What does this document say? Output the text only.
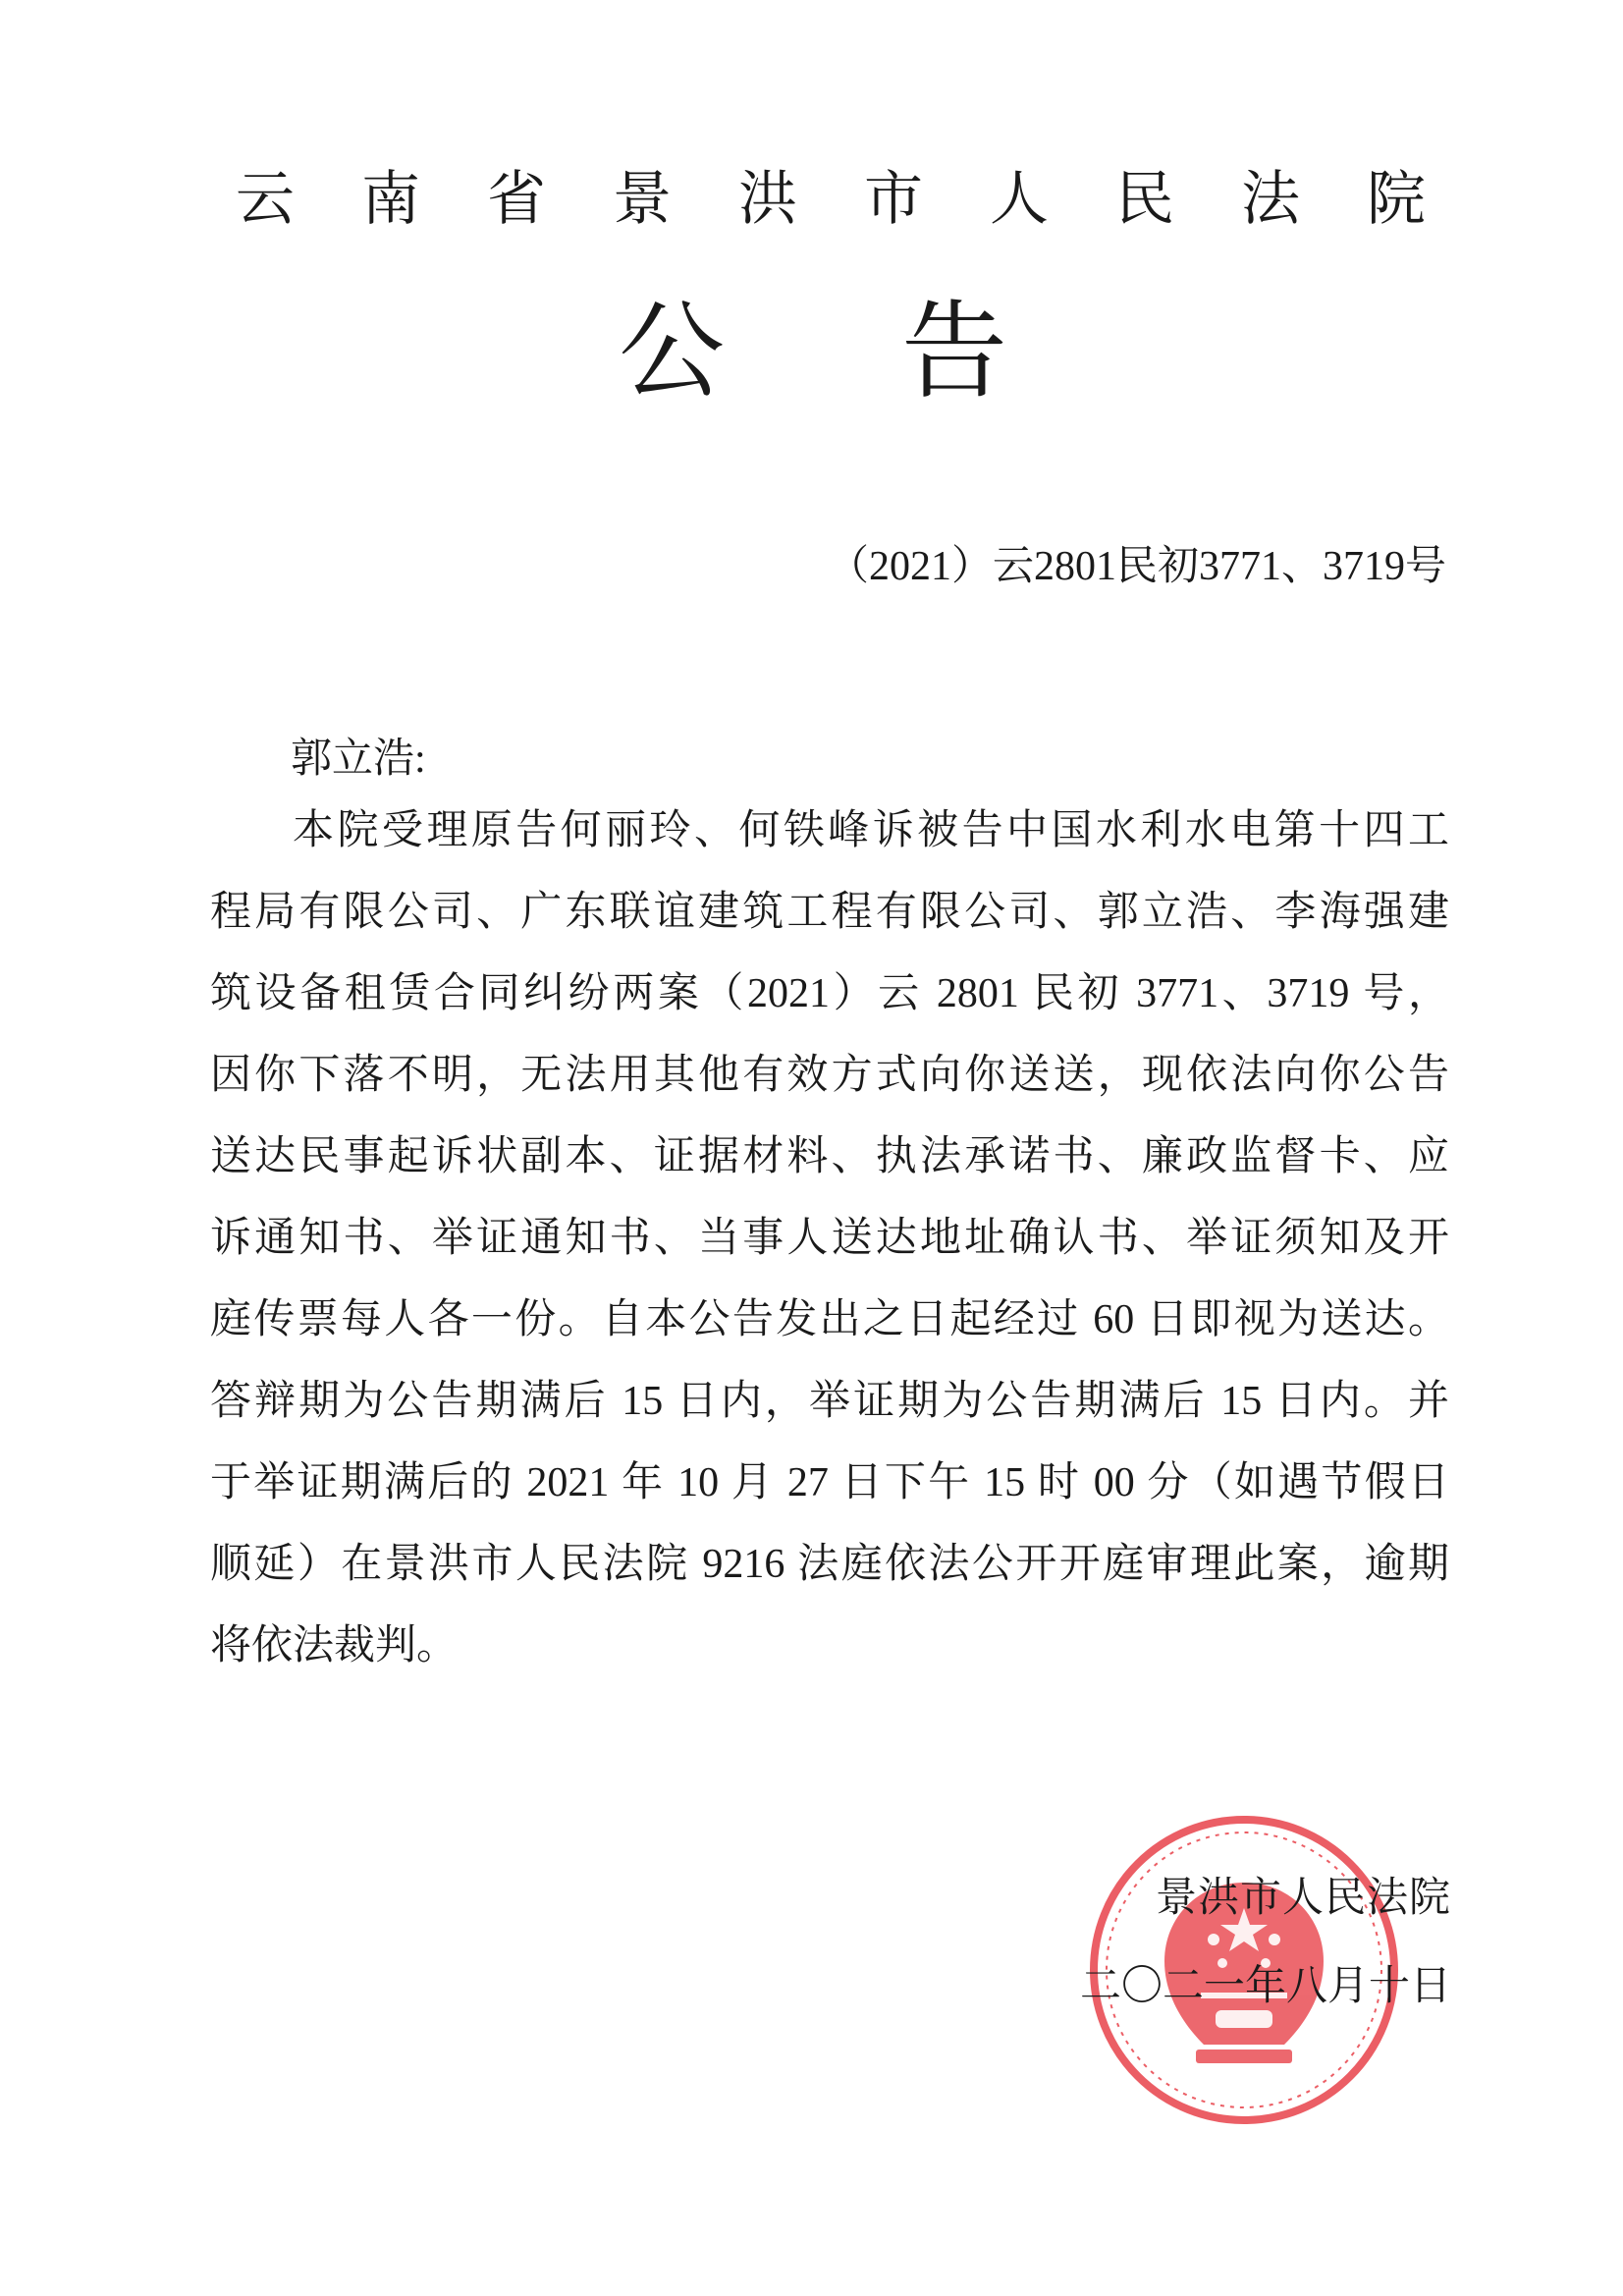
云南省景洪市人民法院
公告
（2021）云2801民初3771、3719号
郭立浩:
本院受理原告何丽玲、何铁峰诉被告中国水利水电第十四工
程局有限公司、广东联谊建筑工程有限公司、郭立浩、李海强建
筑设备租赁合同纠纷两案（2021）云 2801 民初 3771、3719 号，
因你下落不明，无法用其他有效方式向你送送，现依法向你公告
送达民事起诉状副本、证据材料、执法承诺书、廉政监督卡、应
诉通知书、举证通知书、当事人送达地址确认书、举证须知及开
庭传票每人各一份。自本公告发出之日起经过 60 日即视为送达。
答辩期为公告期满后 15 日内，举证期为公告期满后 15 日内。并
于举证期满后的 2021 年 10 月 27 日下午 15 时 00 分（如遇节假日
顺延）在景洪市人民法院 9216 法庭依法公开开庭审理此案，逾期
将依法裁判。
景洪市人民法院
二〇二一年八月十日
